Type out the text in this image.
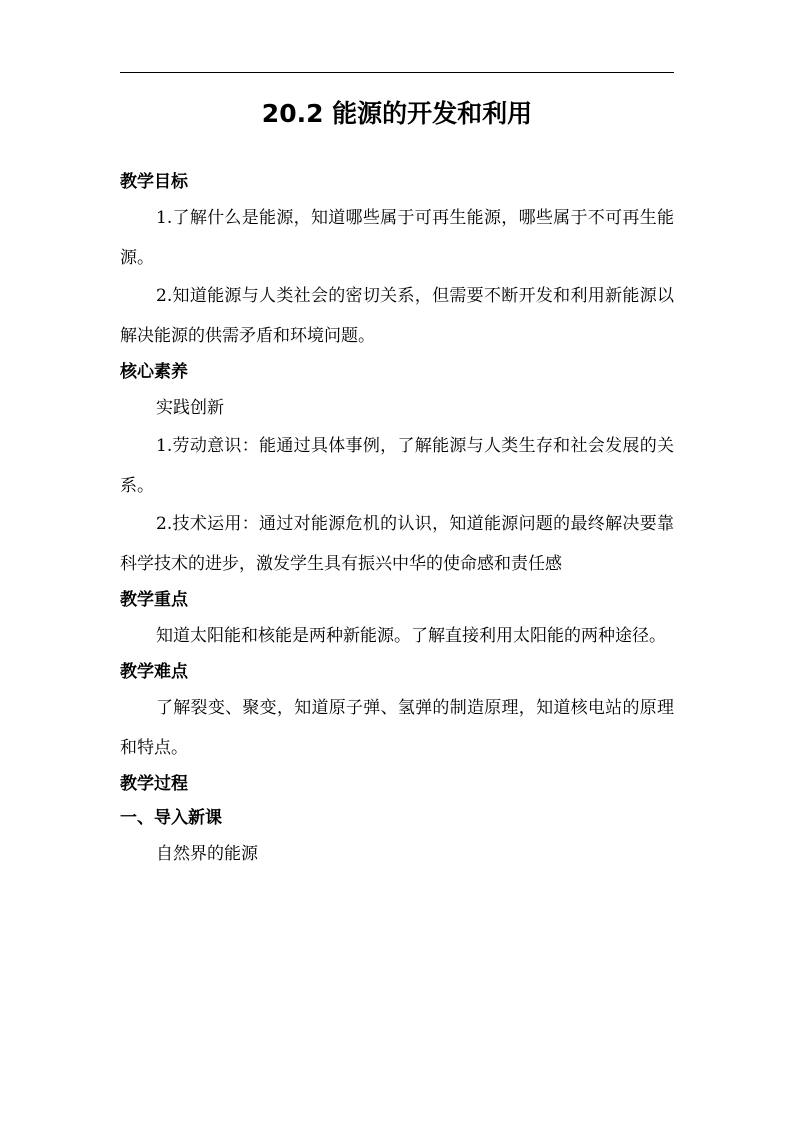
20.2 能源的开发和利用
教学目标

1.了解什么是能源，知道哪些属于可再生能源，哪些属于不可再生能源。

2.知道能源与人类社会的密切关系，但需要不断开发和利用新能源以解决能源的供需矛盾和环境问题。

核心素养

实践创新

1.劳动意识：能通过具体事例，了解能源与人类生存和社会发展的关系。

2.技术运用：通过对能源危机的认识，知道能源问题的最终解决要靠科学技术的进步，激发学生具有振兴中华的使命感和责任感

教学重点

知道太阳能和核能是两种新能源。了解直接利用太阳能的两种途径。

教学难点

了解裂变、聚变，知道原子弹、氢弹的制造原理，知道核电站的原理和特点。

教学过程
一、导入新课

自然界的能源
